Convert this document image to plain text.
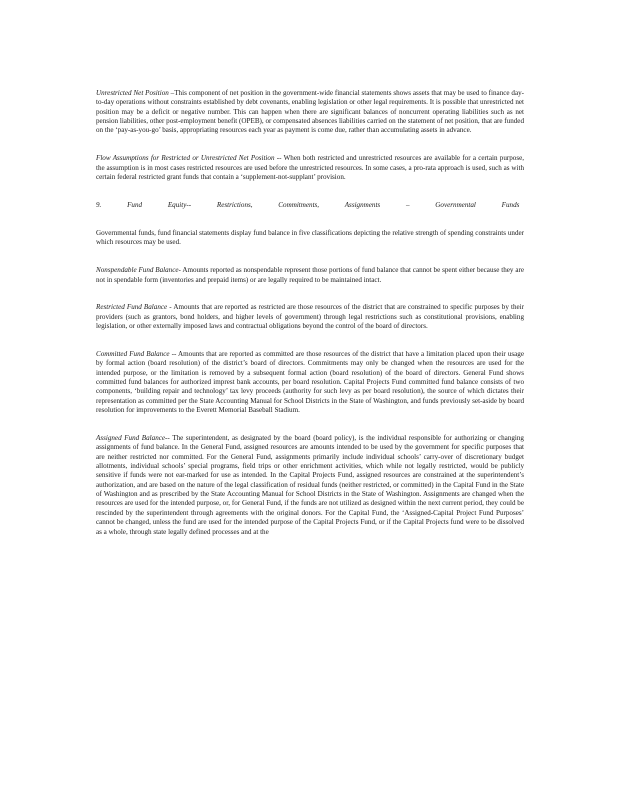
Unrestricted Net Position –This component of net position in the government-wide financial statements shows assets that may be used to finance day-to-day operations without constraints established by debt covenants, enabling legislation or other legal requirements. It is possible that unrestricted net position may be a deficit or negative number. This can happen when there are significant balances of noncurrent operating liabilities such as net pension liabilities, other post-employment benefit (OPEB), or compensated absences liabilities carried on the statement of net position, that are funded on the ‘pay-as-you-go’ basis, appropriating resources each year as payment is come due, rather than accumulating assets in advance.

Flow Assumptions for Restricted or Unrestricted Net Position -- When both restricted and unrestricted resources are available for a certain purpose, the assumption is in most cases restricted resources are used before the unrestricted resources. In some cases, a pro-rata approach is used, such as with certain federal restricted grant funds that contain a ‘supplement-not-supplant’ provision.

9. Fund Equity-- Restrictions, Commitments, Assignments – Governmental Funds

Governmental funds, fund financial statements display fund balance in five classifications depicting the relative strength of spending constraints under which resources may be used.

Nonspendable Fund Balance- Amounts reported as nonspendable represent those portions of fund balance that cannot be spent either because they are not in spendable form (inventories and prepaid items) or are legally required to be maintained intact.

Restricted Fund Balance - Amounts that are reported as restricted are those resources of the district that are constrained to specific purposes by their providers (such as grantors, bond holders, and higher levels of government) through legal restrictions such as constitutional provisions, enabling legislation, or other externally imposed laws and contractual obligations beyond the control of the board of directors.

Committed Fund Balance -- Amounts that are reported as committed are those resources of the district that have a limitation placed upon their usage by formal action (board resolution) of the district’s board of directors. Commitments may only be changed when the resources are used for the intended purpose, or the limitation is removed by a subsequent formal action (board resolution) of the board of directors. General Fund shows committed fund balances for authorized imprest bank accounts, per board resolution. Capital Projects Fund committed fund balance consists of two components, ‘building repair and technology’ tax levy proceeds (authority for such levy as per board resolution), the source of which dictates their representation as committed per the State Accounting Manual for School Districts in the State of Washington, and funds previously set-aside by board resolution for improvements to the Everett Memorial Baseball Stadium.

Assigned Fund Balance-- The superintendent, as designated by the board (board policy), is the individual responsible for authorizing or changing assignments of fund balance. In the General Fund, assigned resources are amounts intended to be used by the government for specific purposes that are neither restricted nor committed. For the General Fund, assignments primarily include individual schools’ carry-over of discretionary budget allotments, individual schools’ special programs, field trips or other enrichment activities, which while not legally restricted, would be publicly sensitive if funds were not ear-marked for use as intended. In the Capital Projects Fund, assigned resources are constrained at the superintendent’s authorization, and are based on the nature of the legal classification of residual funds (neither restricted, or committed) in the Capital Fund in the State of Washington and as prescribed by the State Accounting Manual for School Districts in the State of Washington. Assignments are changed when the resources are used for the intended purpose, or, for General Fund, if the funds are not utilized as designed within the next current period, they could be rescinded by the superintendent through agreements with the original donors. For the Capital Fund, the ‘Assigned-Capital Project Fund Purposes’ cannot be changed, unless the fund are used for the intended purpose of the Capital Projects Fund, or if the Capital Projects fund were to be dissolved as a whole, through state legally defined processes and at the
